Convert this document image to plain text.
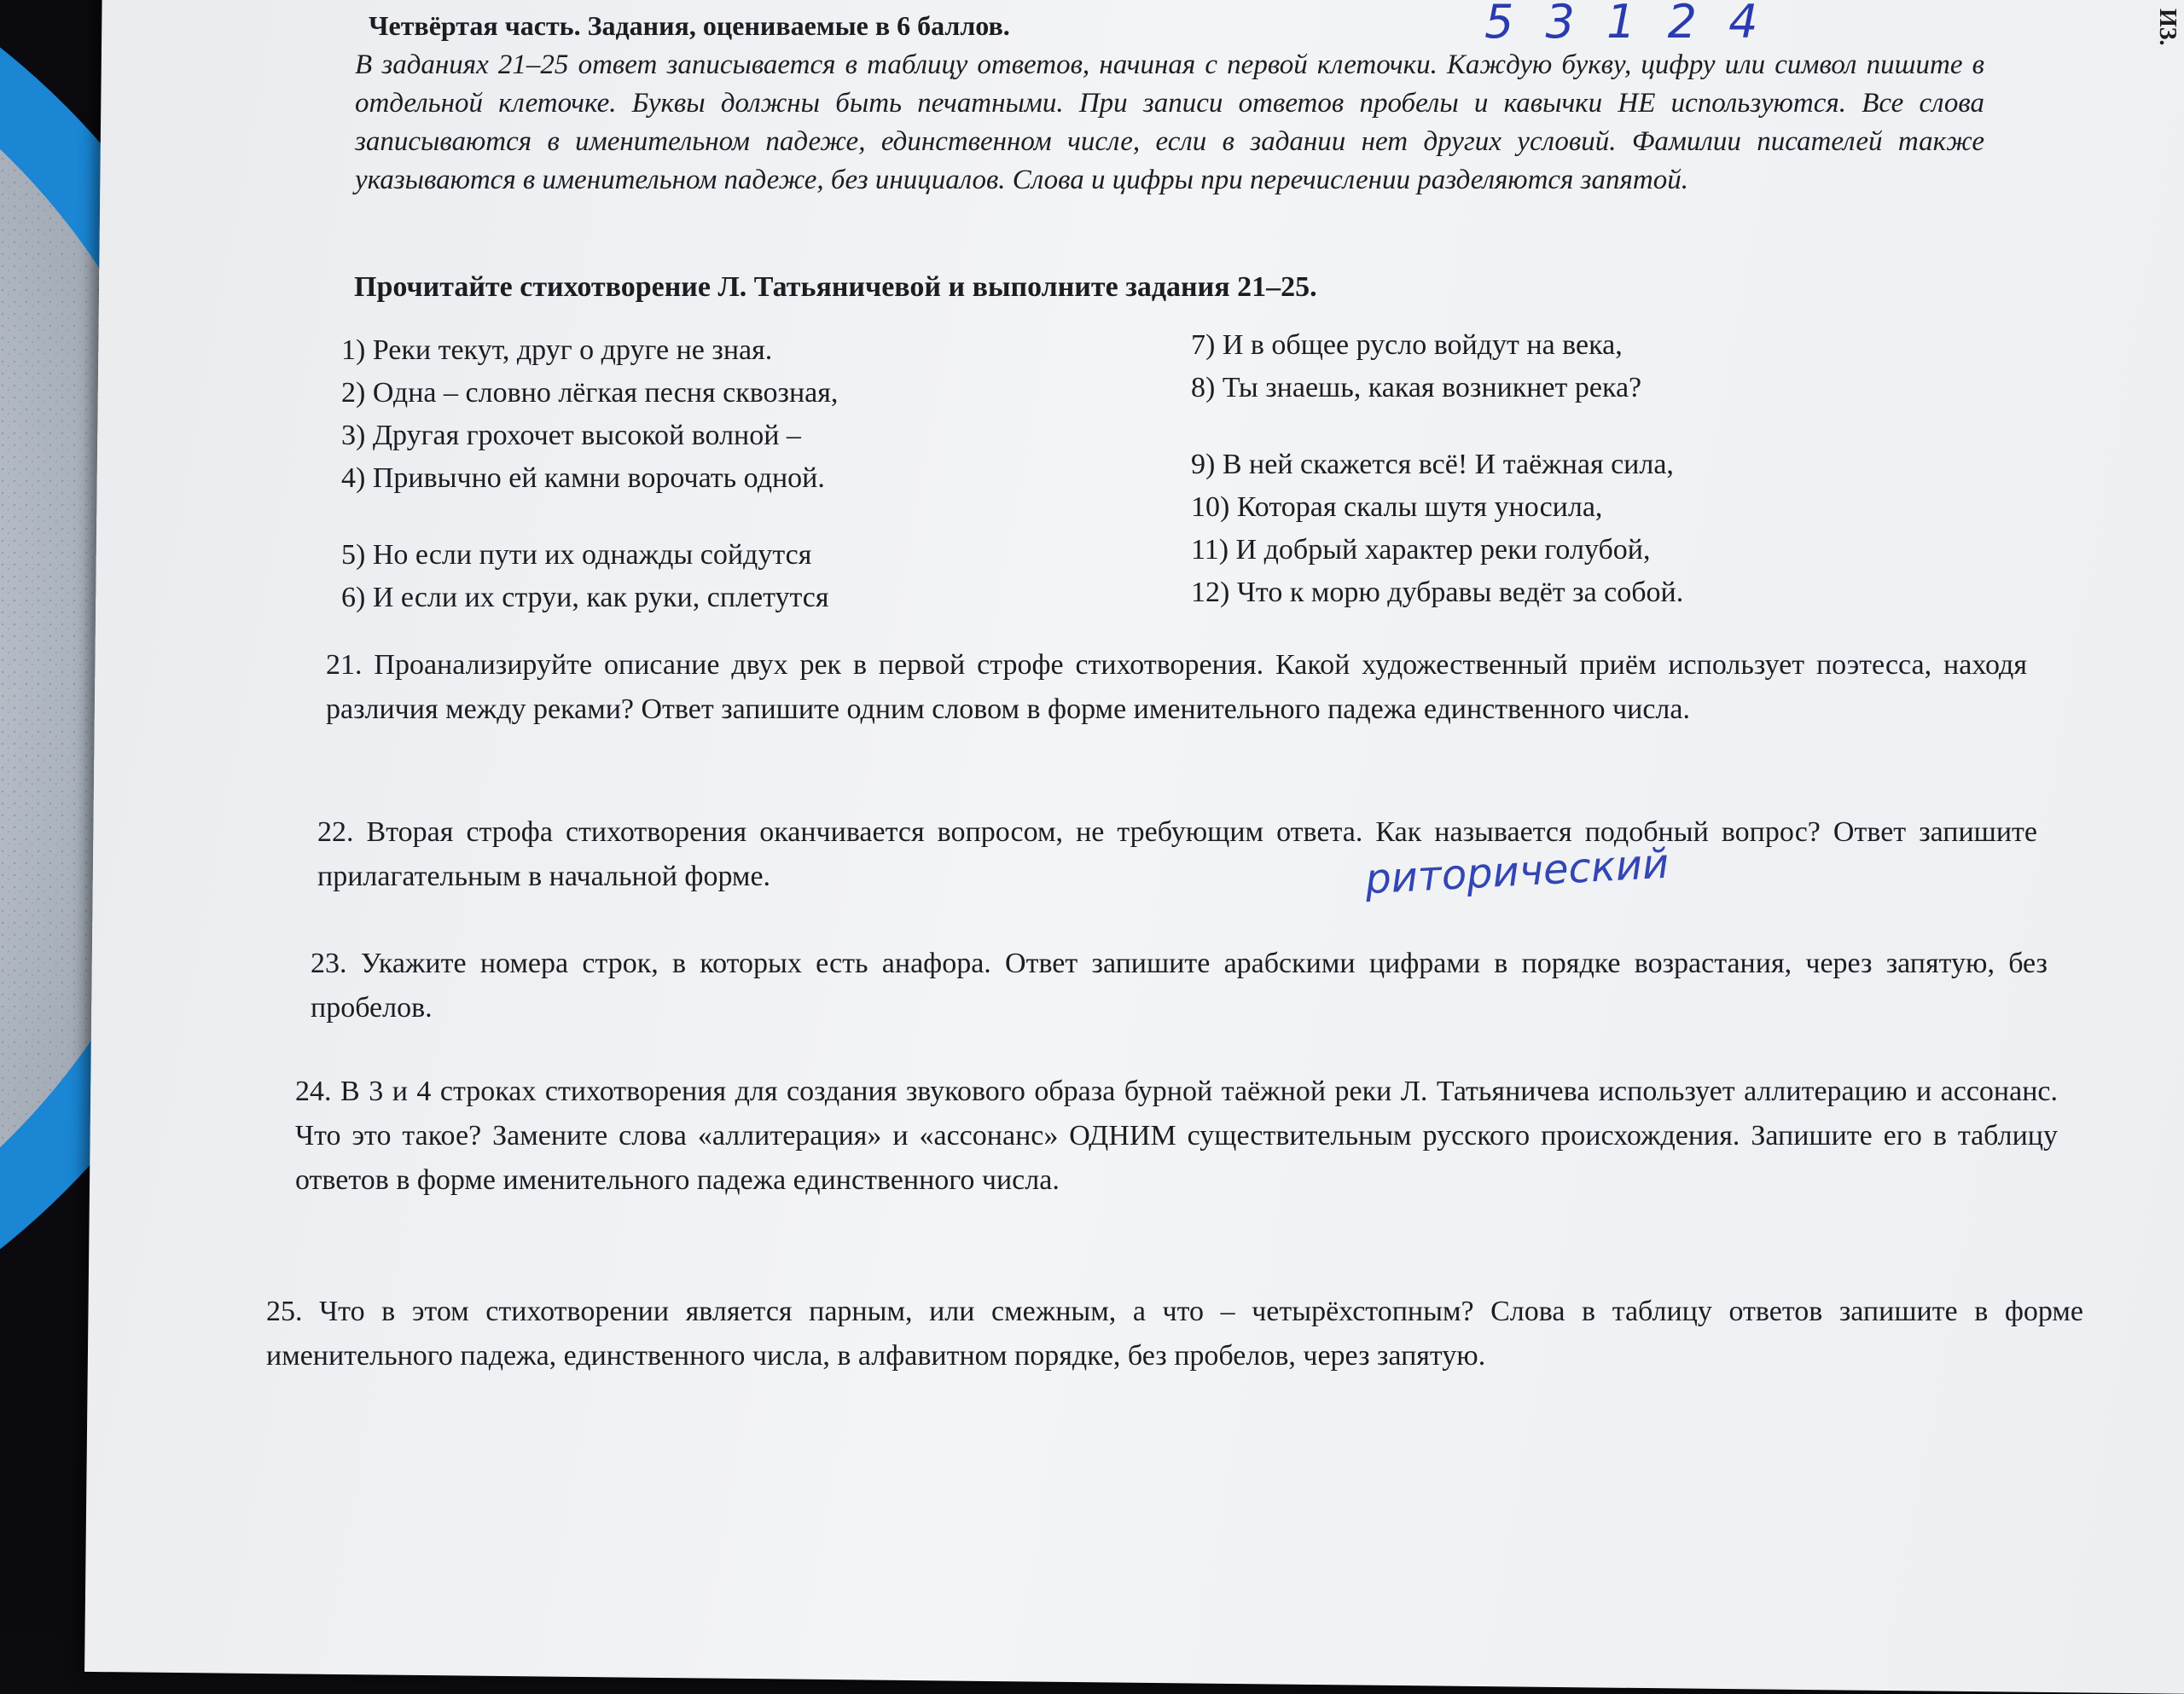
Четвёртая часть. Задания, оцениваемые в 6 баллов.	5 3 1 2 4	ИЗ.
В заданиях 21–25 ответ записывается в таблицу ответов, начиная с первой клеточки. Каждую букву, цифру или символ пишите в отдельной клеточке. Буквы должны быть печатными. При записи ответов пробелы и кавычки НЕ используются. Все слова записываются в именительном падеже, единственном числе, если в задании нет других условий. Фамилии писателей также указываются в именительном падеже, без инициалов. Слова и цифры при перечислении разделяются запятой.
Прочитайте стихотворение Л. Татьяничевой и выполните задания 21–25.
1) Реки текут, друг о друге не зная.
2) Одна – словно лёгкая песня сквозная,
3) Другая грохочет высокой волной –
4) Привычно ей камни ворочать одной.
5) Но если пути их однажды сойдутся
6) И если их струи, как руки, сплетутся
7) И в общее русло войдут на века,
8) Ты знаешь, какая возникнет река?
9) В ней скажется всё! И таёжная сила,
10) Которая скалы шутя уносила,
11) И добрый характер реки голубой,
12) Что к морю дубравы ведёт за собой.

21. Проанализируйте описание двух рек в первой строфе стихотворения. Какой художественный приём использует поэтесса, находя различия между реками? Ответ запишите одним словом в форме именительного падежа единственного числа.

22. Вторая строфа стихотворения оканчивается вопросом, не требующим ответа. Как называется подобный вопрос? Ответ запишите прилагательным в начальной форме.	риторический

23. Укажите номера строк, в которых есть анафора. Ответ запишите арабскими цифрами в порядке возрастания, через запятую, без пробелов.

24. В 3 и 4 строках стихотворения для создания звукового образа бурной таёжной реки Л. Татьяничева использует аллитерацию и ассонанс. Что это такое? Замените слова «аллитерация» и «ассонанс» ОДНИМ существительным русского происхождения. Запишите его в таблицу ответов в форме именительного падежа единственного числа.

25. Что в этом стихотворении является парным, или смежным, а что – четырёхстопным? Слова в таблицу ответов запишите в форме именительного падежа, единственного числа, в алфавитном порядке, без пробелов, через запятую.
